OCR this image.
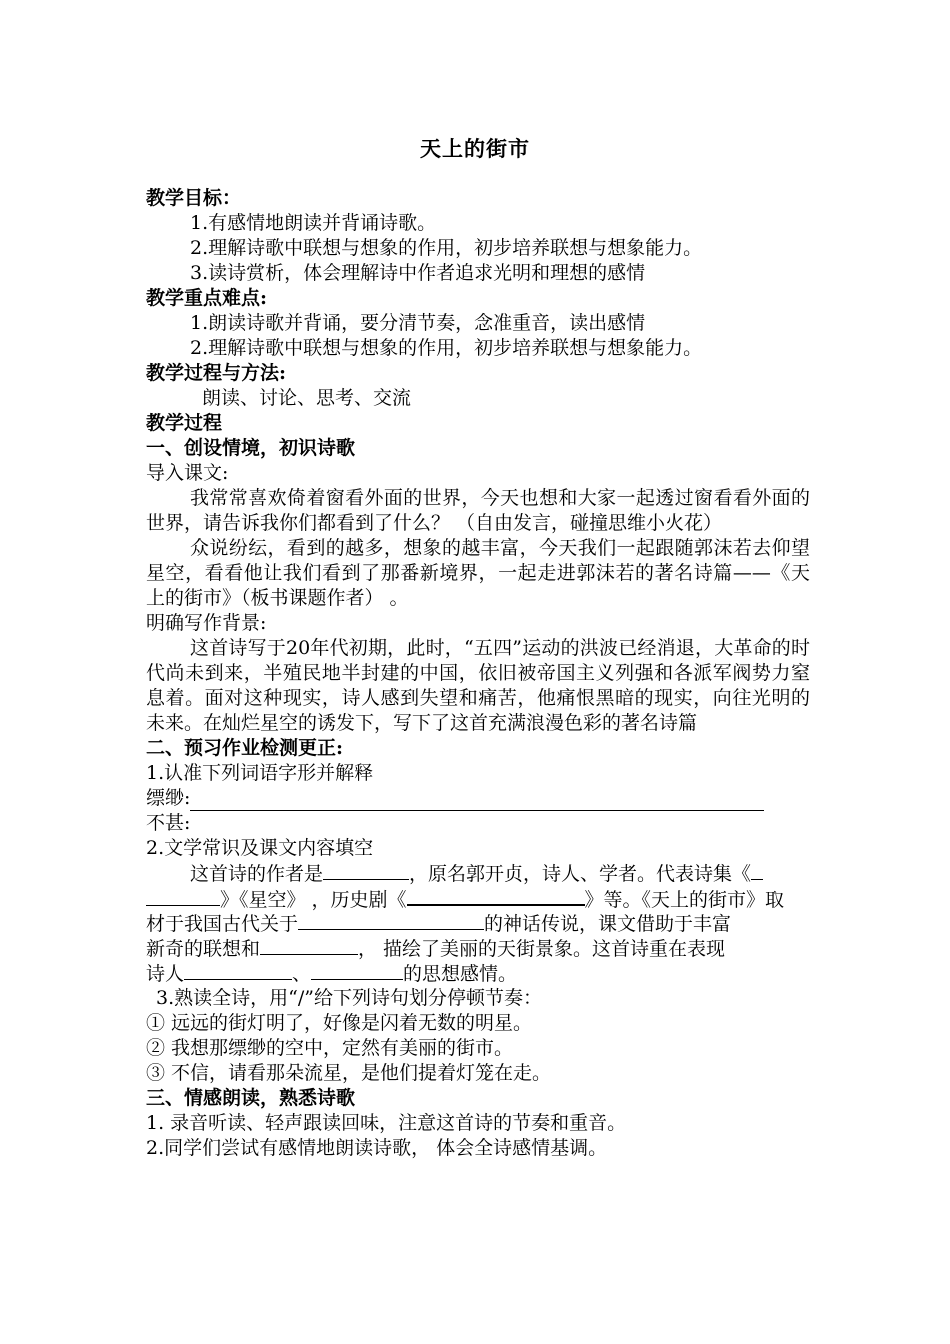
天上的街市
教学目标：
1.有感情地朗读并背诵诗歌。
2.理解诗歌中联想与想象的作用，初步培养联想与想象能力。
3.读诗赏析，体会理解诗中作者追求光明和理想的感情
教学重点难点:
1.朗读诗歌并背诵，要分清节奏，念准重音，读出感情
2.理解诗歌中联想与想象的作用，初步培养联想与想象能力。
教学过程与方法:
朗读、讨论、思考、交流
教学过程
一、创设情境，初识诗歌
导入课文:
我常常喜欢倚着窗看外面的世界，今天也想和大家一起透过窗看看外面的世界，请告诉我你们都看到了什么？ （自由发言，碰撞思维小火花）
众说纷纭，看到的越多，想象的越丰富，今天我们一起跟随郭沫若去仰望星空，看看他让我们看到了那番新境界，一起走进郭沫若的著名诗篇——《天上的街市》（板书课题作者） 。
明确写作背景:
这首诗写于20年代初期，此时，“五四”运动的洪波已经消退，大革命的时代尚未到来，半殖民地半封建的中国，依旧被帝国主义列强和各派军阀势力窒息着。面对这种现实，诗人感到失望和痛苦，他痛恨黑暗的现实，向往光明的未来。在灿烂星空的诱发下，写下了这首充满浪漫色彩的著名诗篇
二、预习作业检测更正:
1.认准下列词语字形并解释
缥缈:
不甚:
2.文学常识及课文内容填空
这首诗的作者是	，原名郭开贞，诗人、学者。代表诗集《
》《星空》 ，历史剧《	》等。《天上的街市》取
材于我国古代关于	的神话传说，课文借助于丰富
新奇的联想和	， 描绘了美丽的天街景象。这首诗重在表现
诗人	、	的思想感情。
3.熟读全诗，用“/”给下列诗句划分停顿节奏：
① 远远的街灯明了，好像是闪着无数的明星。
② 我想那缥缈的空中，定然有美丽的街市。
③ 不信，请看那朵流星，是他们提着灯笼在走。
三、情感朗读，熟悉诗歌
1. 录音听读、轻声跟读回味，注意这首诗的节奏和重音。
2.同学们尝试有感情地朗读诗歌， 体会全诗感情基调。
